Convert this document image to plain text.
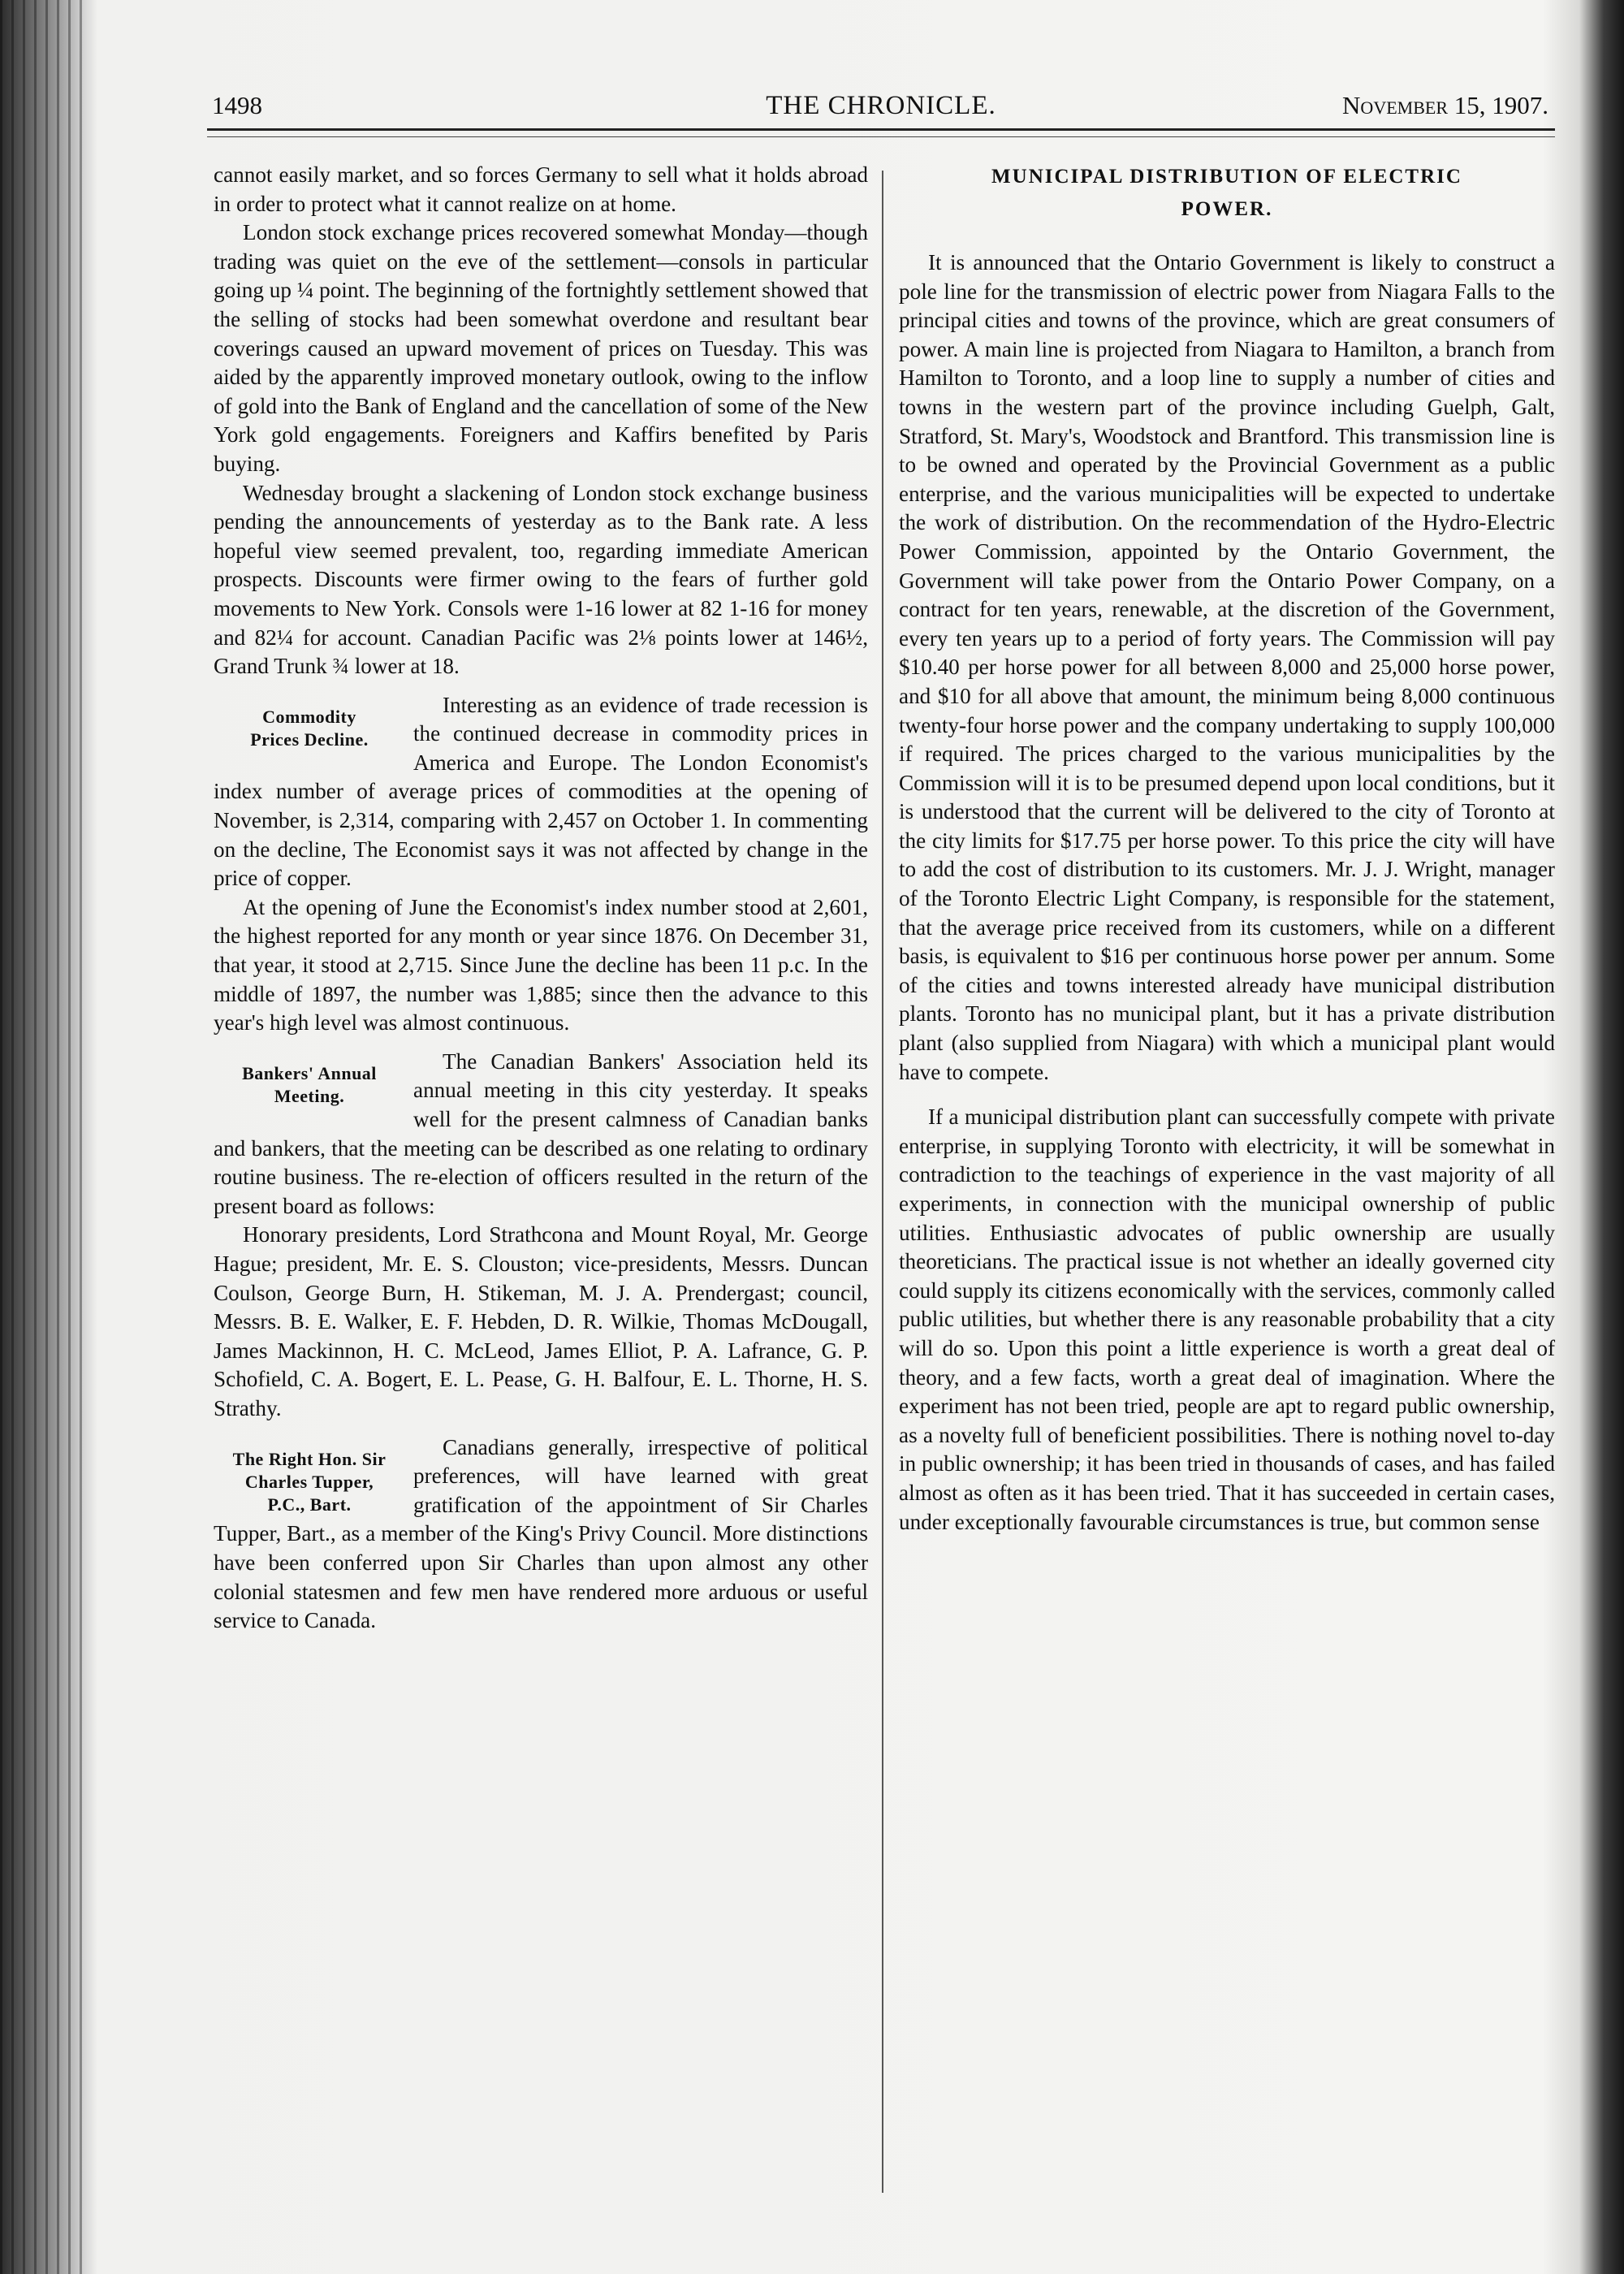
1498	THE CHRONICLE.	November 15, 1907.

cannot easily market, and so forces Germany to sell what it holds abroad in order to protect what it cannot realize on at home.

London stock exchange prices recovered somewhat Monday—though trading was quiet on the eve of the settlement—consols in particular going up ¼ point. The beginning of the fortnightly settlement showed that the selling of stocks had been somewhat overdone and resultant bear coverings caused an upward movement of prices on Tuesday. This was aided by the apparently improved monetary outlook, owing to the inflow of gold into the Bank of England and the cancellation of some of the New York gold engagements. Foreigners and Kaffirs benefited by Paris buying.

Wednesday brought a slackening of London stock exchange business pending the announcements of yesterday as to the Bank rate. A less hopeful view seemed prevalent, too, regarding immediate American prospects. Discounts were firmer owing to the fears of further gold movements to New York. Consols were 1-16 lower at 82 1-16 for money and 82¼ for account. Canadian Pacific was 2⅛ points lower at 146½, Grand Trunk ¾ lower at 18.

Commodity
Prices Decline.

Interesting as an evidence of trade recession is the continued decrease in commodity prices in America and Europe. The London Economist's index number of average prices of commodities at the opening of November, is 2,314, comparing with 2,457 on October 1. In commenting on the decline, The Economist says it was not affected by change in the price of copper.

At the opening of June the Economist's index number stood at 2,601, the highest reported for any month or year since 1876. On December 31, that year, it stood at 2,715. Since June the decline has been 11 p.c. In the middle of 1897, the number was 1,885; since then the advance to this year's high level was almost continuous.

Bankers' Annual
Meeting.

The Canadian Bankers' Association held its annual meeting in this city yesterday. It speaks well for the present calmness of Canadian banks and bankers, that the meeting can be described as one relating to ordinary routine business. The re-election of officers resulted in the return of the present board as follows:

Honorary presidents, Lord Strathcona and Mount Royal, Mr. George Hague; president, Mr. E. S. Clouston; vice-presidents, Messrs. Duncan Coulson, George Burn, H. Stikeman, M. J. A. Prendergast; council, Messrs. B. E. Walker, E. F. Hebden, D. R. Wilkie, Thomas McDougall, James Mackinnon, H. C. McLeod, James Elliot, P. A. Lafrance, G. P. Schofield, C. A. Bogert, E. L. Pease, G. H. Balfour, E. L. Thorne, H. S. Strathy.

The Right Hon. Sir
Charles Tupper,
P.C., Bart.

Canadians generally, irrespective of political preferences, will have learned with great gratification of the appointment of Sir Charles Tupper, Bart., as a member of the King's Privy Council. More distinctions have been conferred upon Sir Charles than upon almost any other colonial statesmen and few men have rendered more arduous or useful service to Canada.

MUNICIPAL DISTRIBUTION OF ELECTRIC
POWER.

It is announced that the Ontario Government is likely to construct a pole line for the transmission of electric power from Niagara Falls to the principal cities and towns of the province, which are great consumers of power. A main line is projected from Niagara to Hamilton, a branch from Hamilton to Toronto, and a loop line to supply a number of cities and towns in the western part of the province including Guelph, Galt, Stratford, St. Mary's, Woodstock and Brantford. This transmission line is to be owned and operated by the Provincial Government as a public enterprise, and the various municipalities will be expected to undertake the work of distribution. On the recommendation of the Hydro-Electric Power Commission, appointed by the Ontario Government, the Government will take power from the Ontario Power Company, on a contract for ten years, renewable, at the discretion of the Government, every ten years up to a period of forty years. The Commission will pay $10.40 per horse power for all between 8,000 and 25,000 horse power, and $10 for all above that amount, the minimum being 8,000 continuous twenty-four horse power and the company undertaking to supply 100,000 if required. The prices charged to the various municipalities by the Commission will it is to be presumed depend upon local conditions, but it is understood that the current will be delivered to the city of Toronto at the city limits for $17.75 per horse power. To this price the city will have to add the cost of distribution to its customers. Mr. J. J. Wright, manager of the Toronto Electric Light Company, is responsible for the statement, that the average price received from its customers, while on a different basis, is equivalent to $16 per continuous horse power per annum. Some of the cities and towns interested already have municipal distribution plants. Toronto has no municipal plant, but it has a private distribution plant (also supplied from Niagara) with which a municipal plant would have to compete.

If a municipal distribution plant can successfully compete with private enterprise, in supplying Toronto with electricity, it will be somewhat in contradiction to the teachings of experience in the vast majority of all experiments, in connection with the municipal ownership of public utilities. Enthusiastic advocates of public ownership are usually theoreticians. The practical issue is not whether an ideally governed city could supply its citizens economically with the services, commonly called public utilities, but whether there is any reasonable probability that a city will do so. Upon this point a little experience is worth a great deal of theory, and a few facts, worth a great deal of imagination. Where the experiment has not been tried, people are apt to regard public ownership, as a novelty full of beneficient possibilities. There is nothing novel to-day in public ownership; it has been tried in thousands of cases, and has failed almost as often as it has been tried. That it has succeeded in certain cases, under exceptionally favourable circumstances is true, but common sense
